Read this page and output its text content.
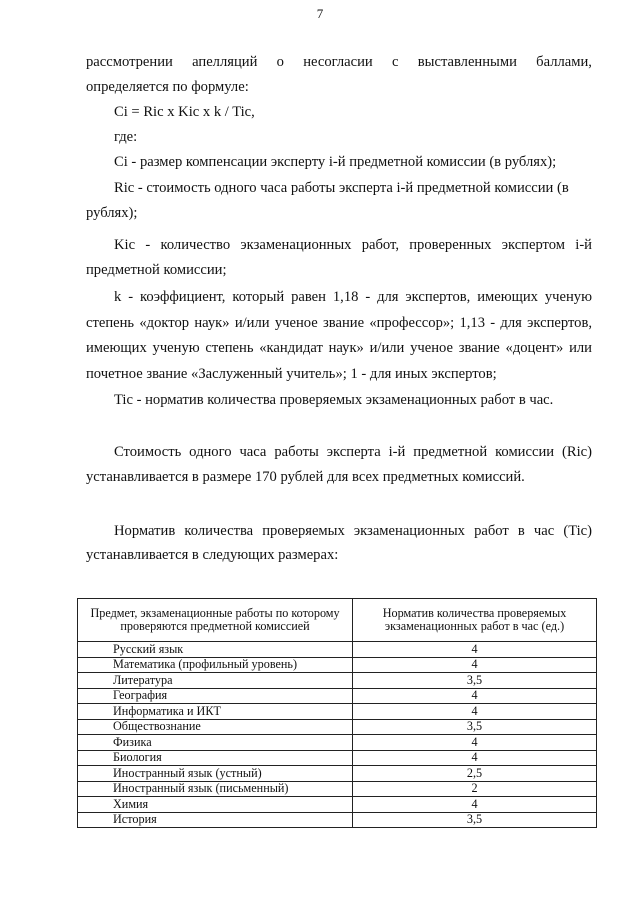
7
рассмотрении апелляций о несогласии с выставленными баллами,
определяется по формуле:
Ci = Ric x Kic x k / Tic,
где:
Ci - размер компенсации эксперту i-й предметной комиссии (в рублях);
Ric - стоимость одного часа работы эксперта i-й предметной комиссии (в
рублях);
Kic - количество экзаменационных работ, проверенных экспертом i-й
предметной комиссии;
k - коэффициент, который равен 1,18 - для экспертов, имеющих ученую
степень «доктор наук» и/или ученое звание «профессор»; 1,13 - для экспертов,
имеющих ученую степень «кандидат наук» и/или ученое звание «доцент» или
почетное звание «Заслуженный учитель»; 1 - для иных экспертов;
Tic - норматив количества проверяемых экзаменационных работ в час.
Стоимость одного часа работы эксперта i-й предметной комиссии (Ric)
устанавливается в размере 170 рублей для всех предметных комиссий.
Норматив количества проверяемых экзаменационных работ в час (Tic)
устанавливается в следующих размерах:
Предмет, экзаменационные работы по которому проверяются предметной комиссией	Норматив количества проверяемых экзаменационных работ в час (ед.)
Русский язык	4
Математика (профильный уровень)	4
Литература	3,5
География	4
Информатика и ИКТ	4
Обществознание	3,5
Физика	4
Биология	4
Иностранный язык (устный)	2,5
Иностранный язык (письменный)	2
Химия	4
История	3,5
